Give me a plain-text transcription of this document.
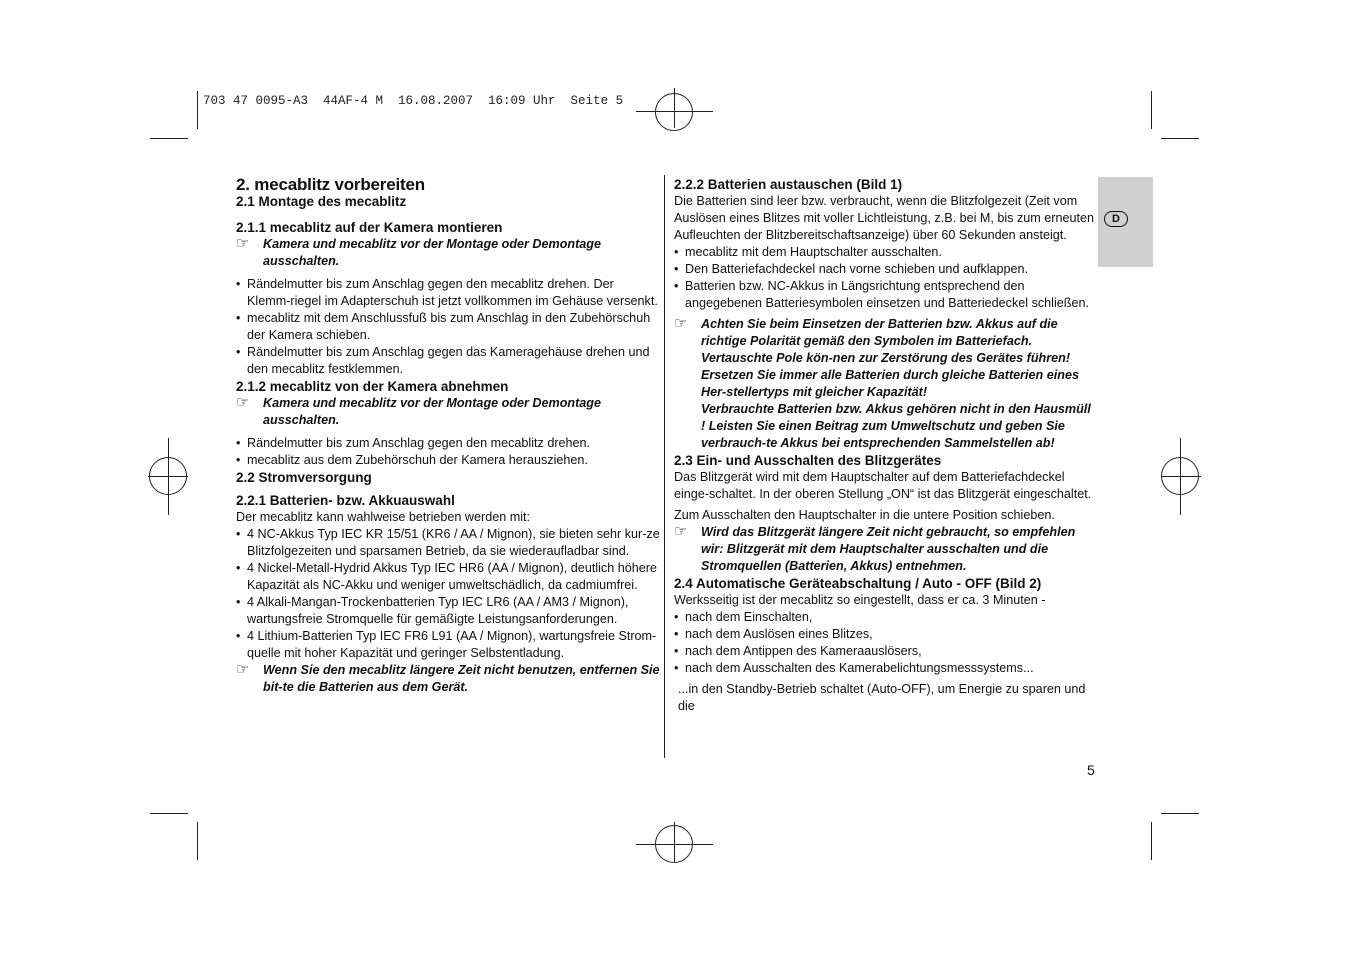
703 47 0095-A3  44AF-4 M  16.08.2007  16:09 Uhr  Seite 5
D

2. mecablitz vorbereiten

2.1 Montage des mecablitz

2.1.1 mecablitz auf der Kamera montieren

☞ Kamera und mecablitz vor der Montage oder Demontage ausschalten.

• Rändelmutter bis zum Anschlag gegen den mecablitz drehen. Der Klemm-riegel im Adapterschuh ist jetzt vollkommen im Gehäuse versenkt.

• mecablitz mit dem Anschlussfuß bis zum Anschlag in den Zubehörschuh der Kamera schieben.

• Rändelmutter bis zum Anschlag gegen das Kameragehäuse drehen und den mecablitz festklemmen.

2.1.2 mecablitz von der Kamera abnehmen

☞ Kamera und mecablitz vor der Montage oder Demontage ausschalten.

• Rändelmutter bis zum Anschlag gegen den mecablitz drehen.

• mecablitz aus dem Zubehörschuh der Kamera herausziehen.

2.2 Stromversorgung

2.2.1 Batterien- bzw. Akkuauswahl

Der mecablitz kann wahlweise betrieben werden mit:

• 4 NC-Akkus Typ IEC KR 15/51 (KR6 / AA / Mignon), sie bieten sehr kur-ze Blitzfolgezeiten und sparsamen Betrieb, da sie wiederaufladbar sind.

• 4 Nickel-Metall-Hydrid Akkus Typ IEC HR6 (AA / Mignon), deutlich höhere Kapazität als NC-Akku und weniger umweltschädlich, da cadmiumfrei.

• 4 Alkali-Mangan-Trockenbatterien Typ IEC LR6 (AA / AM3 / Mignon), wartungsfreie Stromquelle für gemäßigte Leistungsanforderungen.

• 4 Lithium-Batterien Typ IEC FR6 L91 (AA / Mignon), wartungsfreie Strom-quelle mit hoher Kapazität und geringer Selbstentladung.

☞ Wenn Sie den mecablitz längere Zeit nicht benutzen, entfernen Sie bit-te die Batterien aus dem Gerät.

2.2.2 Batterien austauschen (Bild 1)

Die Batterien sind leer bzw. verbraucht, wenn die Blitzfolgezeit (Zeit vom Auslösen eines Blitzes mit voller Lichtleistung, z.B. bei M, bis zum erneuten Aufleuchten der Blitzbereitschaftsanzeige) über 60 Sekunden ansteigt.

• mecablitz mit dem Hauptschalter ausschalten.

• Den Batteriefachdeckel nach vorne schieben und aufklappen.

• Batterien bzw. NC-Akkus in Längsrichtung entsprechend den angegebenen Batteriesymbolen einsetzen und Batteriedeckel schließen.

☞ Achten Sie beim Einsetzen der Batterien bzw. Akkus auf die richtige Polarität gemäß den Symbolen im Batteriefach. Vertauschte Pole kön-nen zur Zerstörung des Gerätes führen!

Ersetzen Sie immer alle Batterien durch gleiche Batterien eines Her-stellertyps mit gleicher Kapazität!

Verbrauchte Batterien bzw. Akkus gehören nicht in den Hausmüll ! Leisten Sie einen Beitrag zum Umweltschutz und geben Sie verbrauch-te Akkus bei entsprechenden Sammelstellen ab!

2.3 Ein- und Ausschalten des Blitzgerätes

Das Blitzgerät wird mit dem Hauptschalter auf dem Batteriefachdeckel einge-schaltet. In der oberen Stellung „ON“ ist das Blitzgerät eingeschaltet.

Zum Ausschalten den Hauptschalter in die untere Position schieben.

☞ Wird das Blitzgerät längere Zeit nicht gebraucht, so empfehlen wir: Blitzgerät mit dem Hauptschalter ausschalten und die Stromquellen (Batterien, Akkus) entnehmen.

2.4 Automatische Geräteabschaltung / Auto - OFF (Bild 2)

Werksseitig ist der mecablitz so eingestellt, dass er ca. 3 Minuten -

• nach dem Einschalten,

• nach dem Auslösen eines Blitzes,

• nach dem Antippen des Kameraauslösers,

• nach dem Ausschalten des Kamerabelichtungsmesssystems...

...in den Standby-Betrieb schaltet (Auto-OFF), um Energie zu sparen und die

5
